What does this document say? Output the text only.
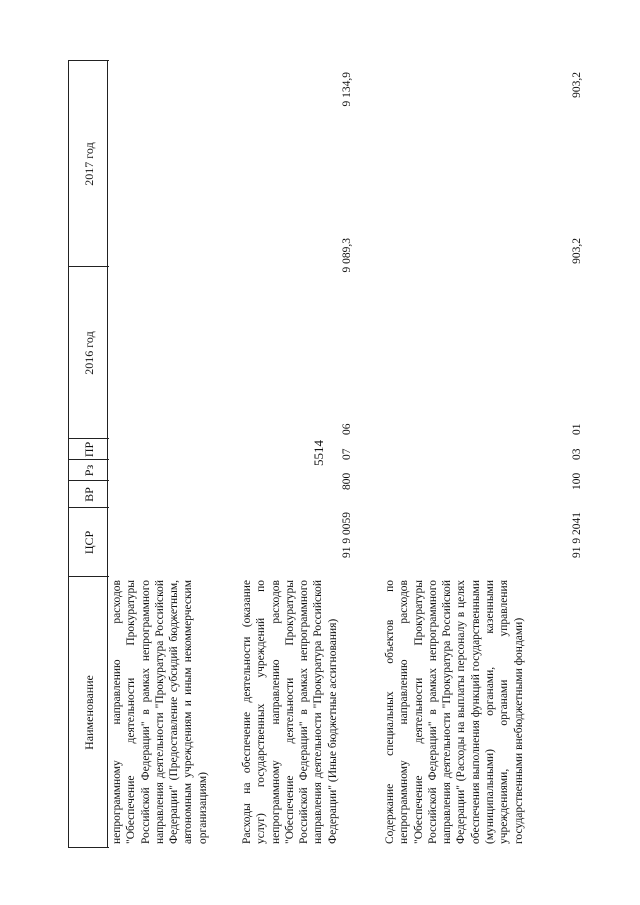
5514
Наименование
ЦСР
ВР
Рз
ПР
2016 год
2017 год
непрограммному направлению расходов "Обеспечение деятельности Прокуратуры Российской Федерации" в рамках непрограммного направления деятельности "Прокуратура Российской Федерации" (Предоставление субсидий бюджетным, автономным учреждениям и иным некоммерческим организациям)	Расходы на обеспечение деятельности (оказание услуг) государственных учреждений по непрограммному направлению расходов "Обеспечение деятельности Прокуратуры Российской Федерации" в рамках непрограммного направления деятельности "Прокуратура Российской Федерации" (Иные бюджетные ассигнования)
91 9 0059
800
07
06
9 089,3
9 134,9
Содержание специальных объектов по непрограммному направлению расходов "Обеспечение деятельности Прокуратуры Российской Федерации" в рамках непрограммного направления деятельности "Прокуратура Российской Федерации" (Расходы на выплаты персоналу в целях обеспечения выполнения функций государственными (муниципальными) органами, казенными учреждениями, органами управления государственными внебюджетными фондами)
91 9 2041
100
03
01
903,2
903,2
